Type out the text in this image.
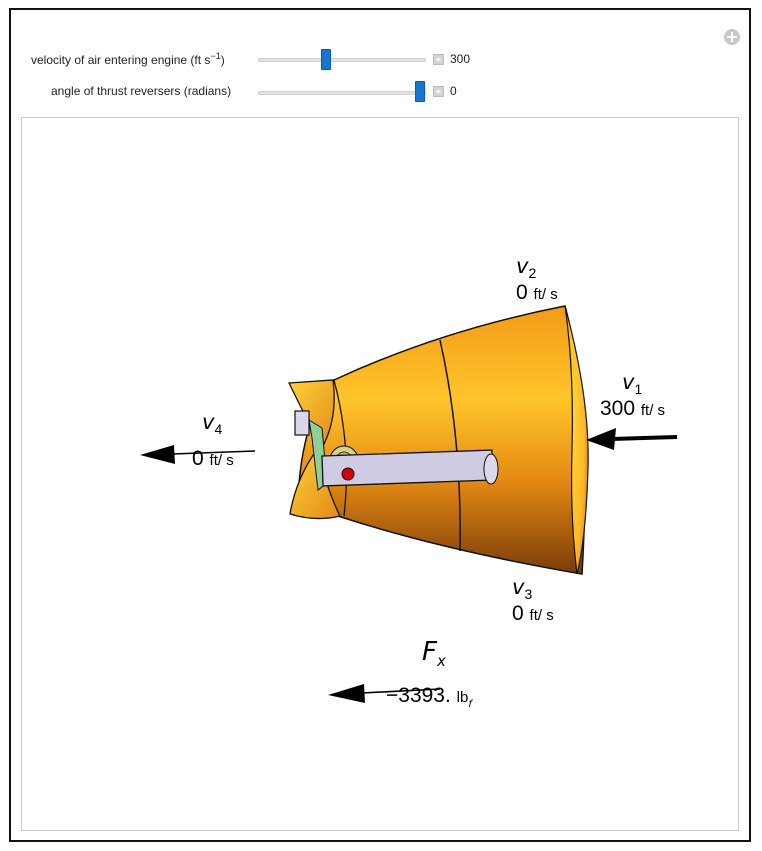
velocity of air entering engine (ft $s^{-1}$)	300
angle of thrust reversers (radians)	0
$v_1$
300 ft/ s
$v_2$
0 ft/ s
$v_3$
0 ft/ s
$v_4$
0 ft/ s
$F_x$
−3393. $lb_f$
